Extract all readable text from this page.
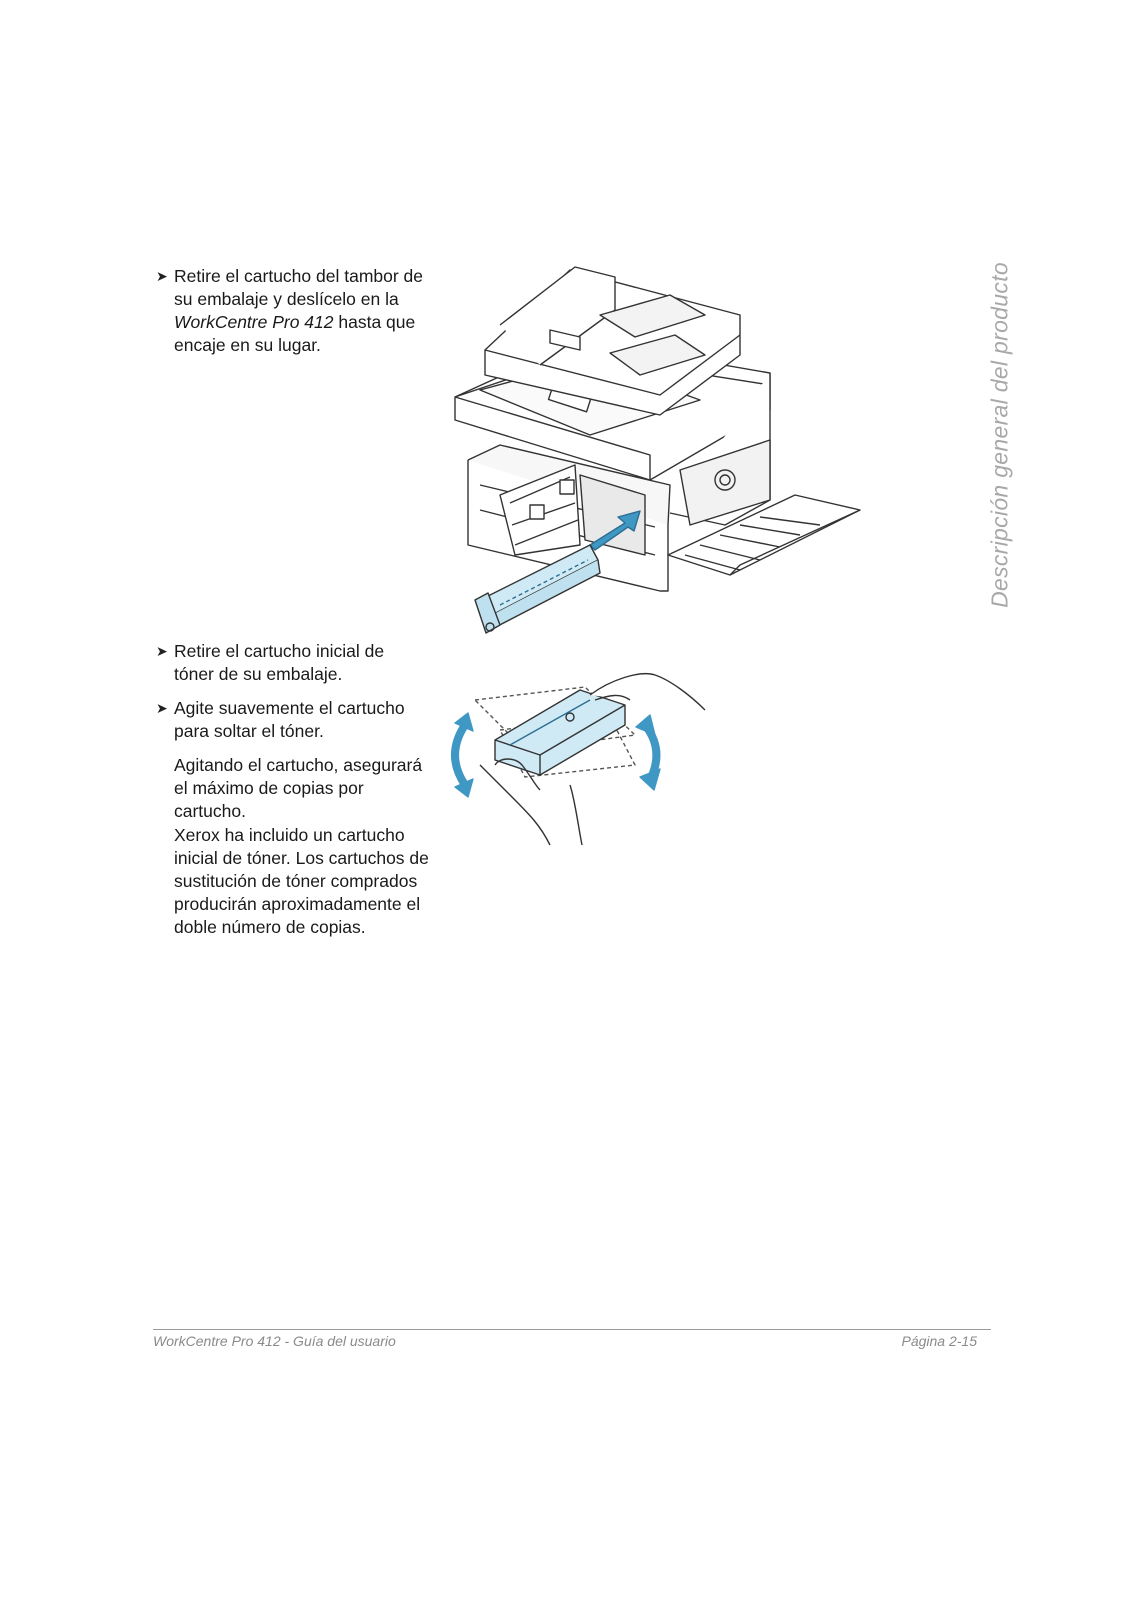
➤ Retire el cartucho del tambor de su embalaje y deslícelo en la WorkCentre Pro 412 hasta que encaje en su lugar.

➤ Retire el cartucho inicial de tóner de su embalaje.

➤ Agite suavemente el cartucho para soltar el tóner.

Agitando el cartucho, asegurará el máximo de copias por cartucho.

Xerox ha incluido un cartucho inicial de tóner. Los cartuchos de sustitución de tóner comprados producirán aproximadamente el doble número de copias.

Descripción general del producto
WorkCentre Pro 412 - Guía del usuario	Página 2-15
